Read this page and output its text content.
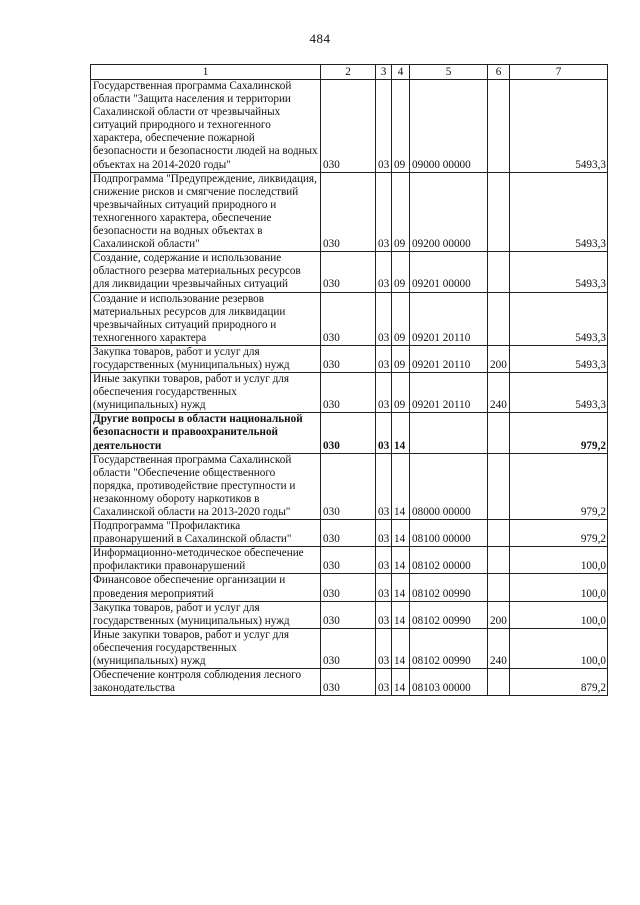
484
1	2	3	4	5	6	7
Государственная программа Сахалинской области "Защита населения и территории Сахалинской области от чрезвычайных ситуаций природного и техногенного характера, обеспечение пожарной безопасности и безопасности людей на водных объектах на 2014-2020 годы"	030	03	09	09000 00000		5493,3
Подпрограмма "Предупреждение, ликвидация, снижение рисков и смягчение последствий чрезвычайных ситуаций природного и техногенного характера, обеспечение безопасности на водных объектах в Сахалинской области"	030	03	09	09200 00000		5493,3
Создание, содержание и использование областного резерва материальных ресурсов для ликвидации чрезвычайных ситуаций	030	03	09	09201 00000		5493,3
Создание и использование резервов материальных ресурсов для ликвидации чрезвычайных ситуаций природного и техногенного характера	030	03	09	09201 20110		5493,3
Закупка товаров, работ и услуг для государственных (муниципальных) нужд	030	03	09	09201 20110	200	5493,3
Иные закупки товаров, работ и услуг для обеспечения государственных (муниципальных) нужд	030	03	09	09201 20110	240	5493,3
Другие вопросы в области национальной безопасности и правоохранительной деятельности	030	03	14			979,2
Государственная программа Сахалинской области "Обеспечение общественного порядка, противодействие преступности и незаконному обороту наркотиков в Сахалинской области на 2013-2020 годы"	030	03	14	08000 00000		979,2
Подпрограмма "Профилактика правонарушений в Сахалинской области"	030	03	14	08100 00000		979,2
Информационно-методическое обеспечение профилактики правонарушений	030	03	14	08102 00000		100,0
Финансовое обеспечение организации и проведения мероприятий	030	03	14	08102 00990		100,0
Закупка товаров, работ и услуг для государственных (муниципальных) нужд	030	03	14	08102 00990	200	100,0
Иные закупки товаров, работ и услуг для обеспечения государственных (муниципальных) нужд	030	03	14	08102 00990	240	100,0
Обеспечение контроля соблюдения лесного законодательства	030	03	14	08103 00000		879,2
